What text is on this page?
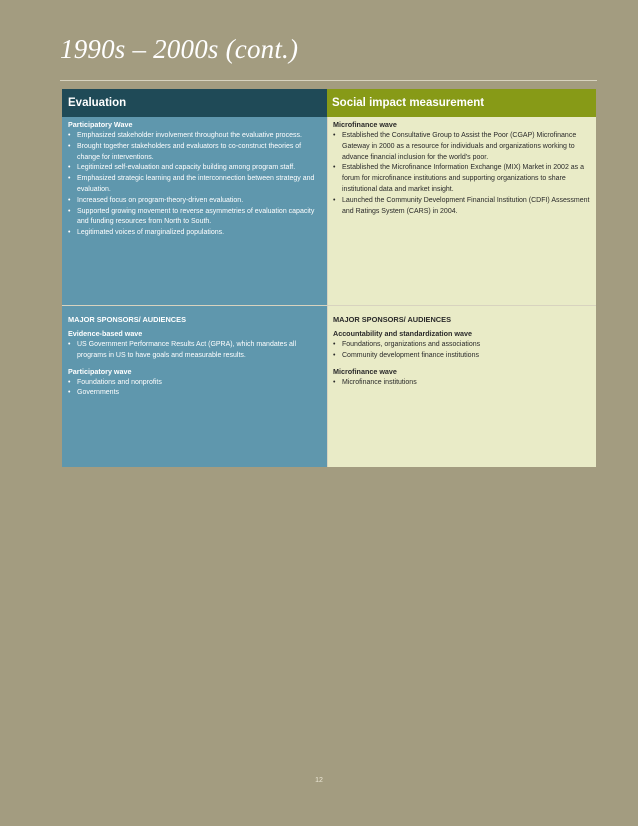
1990s – 2000s (cont.)
Evaluation	Social impact measurement

Participatory Wave

• Emphasized stakeholder involvement throughout the evaluative process.
• Brought together stakeholders and evaluators to co-construct theories of change for interventions.
• Legitimized self-evaluation and capacity building among program staff.
• Emphasized strategic learning and the interconnection between strategy and evaluation.
• Increased focus on program-theory-driven evaluation.
• Supported growing movement to reverse asymmetries of evaluation capacity and funding resources from North to South.
• Legitimated voices of marginalized populations.

Microfinance wave

• Established the Consultative Group to Assist the Poor (CGAP) Microfinance Gateway in 2000 as a resource for individuals and organizations working to advance financial inclusion for the world’s poor.
• Established the Microfinance Information Exchange (MIX) Market in 2002 as a forum for microfinance institutions and supporting organizations to share institutional data and market insight.
• Launched the Community Development Financial Institution (CDFI) Assessment and Ratings System (CARS) in 2004.

MAJOR SPONSORS/ AUDIENCES

Evidence-based wave

• US Government Performance Results Act (GPRA), which mandates all programs in US to have goals and measurable results.

Participatory wave

• Foundations and nonprofits
• Governments

MAJOR SPONSORS/ AUDIENCES

Accountability and standardization wave

• Foundations, organizations and associations
• Community development finance institutions

Microfinance wave

• Microfinance institutions
12
